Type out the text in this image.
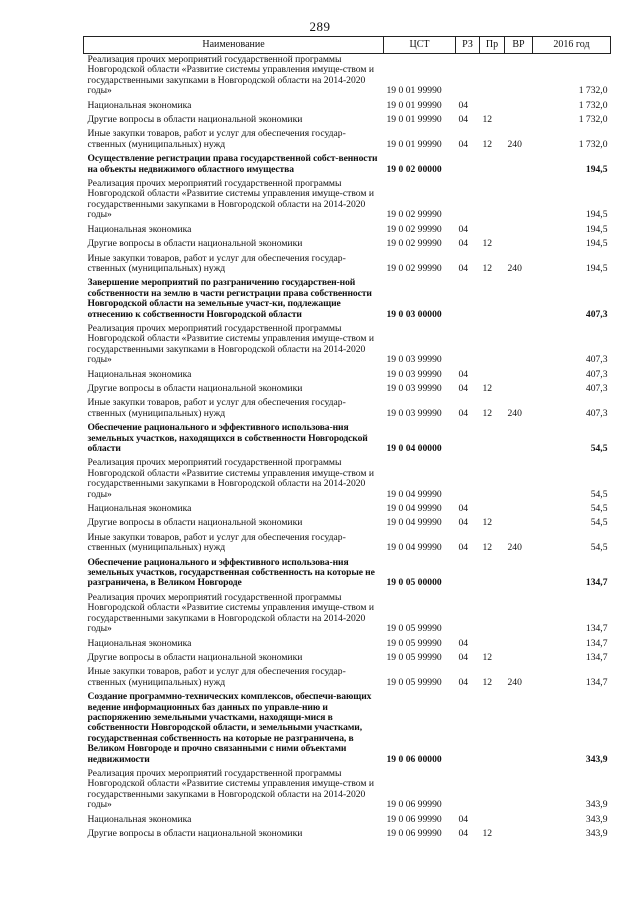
289
Наименование	ЦСТ	РЗ	Пр	ВР	2016 год
Реализация прочих мероприятий государственной программы Новгородской области «Развитие системы управления имуще-ством и государственными закупками в Новгородской области на 2014-2020 годы»	19 0 01 99990				1 732,0
Национальная экономика	19 0 01 99990	04			1 732,0
Другие вопросы в области национальной экономики	19 0 01 99990	04	12		1 732,0
Иные закупки товаров, работ и услуг для обеспечения государ-ственных (муниципальных) нужд	19 0 01 99990	04	12	240	1 732,0
Осуществление регистрации права государственной собст-венности на объекты недвижимого областного имущества	19 0 02 00000				194,5
Реализация прочих мероприятий государственной программы Новгородской области «Развитие системы управления имуще-ством и государственными закупками в Новгородской области на 2014-2020 годы»	19 0 02 99990				194,5
Национальная экономика	19 0 02 99990	04			194,5
Другие вопросы в области национальной экономики	19 0 02 99990	04	12		194,5
Иные закупки товаров, работ и услуг для обеспечения государ-ственных (муниципальных) нужд	19 0 02 99990	04	12	240	194,5
Завершение мероприятий по разграничению государствен-ной собственности на землю в части регистрации права собственности Новгородской области на земельные участ-ки, подлежащие отнесению к собственности Новгородской области	19 0 03 00000				407,3
Реализация прочих мероприятий государственной программы Новгородской области «Развитие системы управления имуще-ством и государственными закупками в Новгородской области на 2014-2020 годы»	19 0 03 99990				407,3
Национальная экономика	19 0 03 99990	04			407,3
Другие вопросы в области национальной экономики	19 0 03 99990	04	12		407,3
Иные закупки товаров, работ и услуг для обеспечения государ-ственных (муниципальных) нужд	19 0 03 99990	04	12	240	407,3
Обеспечение рационального и эффективного использова-ния земельных участков, находящихся в собственности Новгородской области	19 0 04 00000				54,5
Реализация прочих мероприятий государственной программы Новгородской области «Развитие системы управления имуще-ством и государственными закупками в Новгородской области на 2014-2020 годы»	19 0 04 99990				54,5
Национальная экономика	19 0 04 99990	04			54,5
Другие вопросы в области национальной экономики	19 0 04 99990	04	12		54,5
Иные закупки товаров, работ и услуг для обеспечения государ-ственных (муниципальных) нужд	19 0 04 99990	04	12	240	54,5
Обеспечение рационального и эффективного использова-ния земельных участков, государственная собственность на которые не разграничена, в Великом Новгороде	19 0 05 00000				134,7
Реализация прочих мероприятий государственной программы Новгородской области «Развитие системы управления имуще-ством и государственными закупками в Новгородской области на 2014-2020 годы»	19 0 05 99990				134,7
Национальная экономика	19 0 05 99990	04			134,7
Другие вопросы в области национальной экономики	19 0 05 99990	04	12		134,7
Иные закупки товаров, работ и услуг для обеспечения государ-ственных (муниципальных) нужд	19 0 05 99990	04	12	240	134,7
Создание программно-технических комплексов, обеспечи-вающих ведение информационных баз данных по управле-нию и распоряжению земельными участками, находящи-мися в собственности Новгородской области, и земельными участками, государственная собственность на которые не разграничена, в Великом Новгороде и прочно связанными с ними объектами недвижимости	19 0 06 00000				343,9
Реализация прочих мероприятий государственной программы Новгородской области «Развитие системы управления имуще-ством и государственными закупками в Новгородской области на 2014-2020 годы»	19 0 06 99990				343,9
Национальная экономика	19 0 06 99990	04			343,9
Другие вопросы в области национальной экономики	19 0 06 99990	04	12		343,9
